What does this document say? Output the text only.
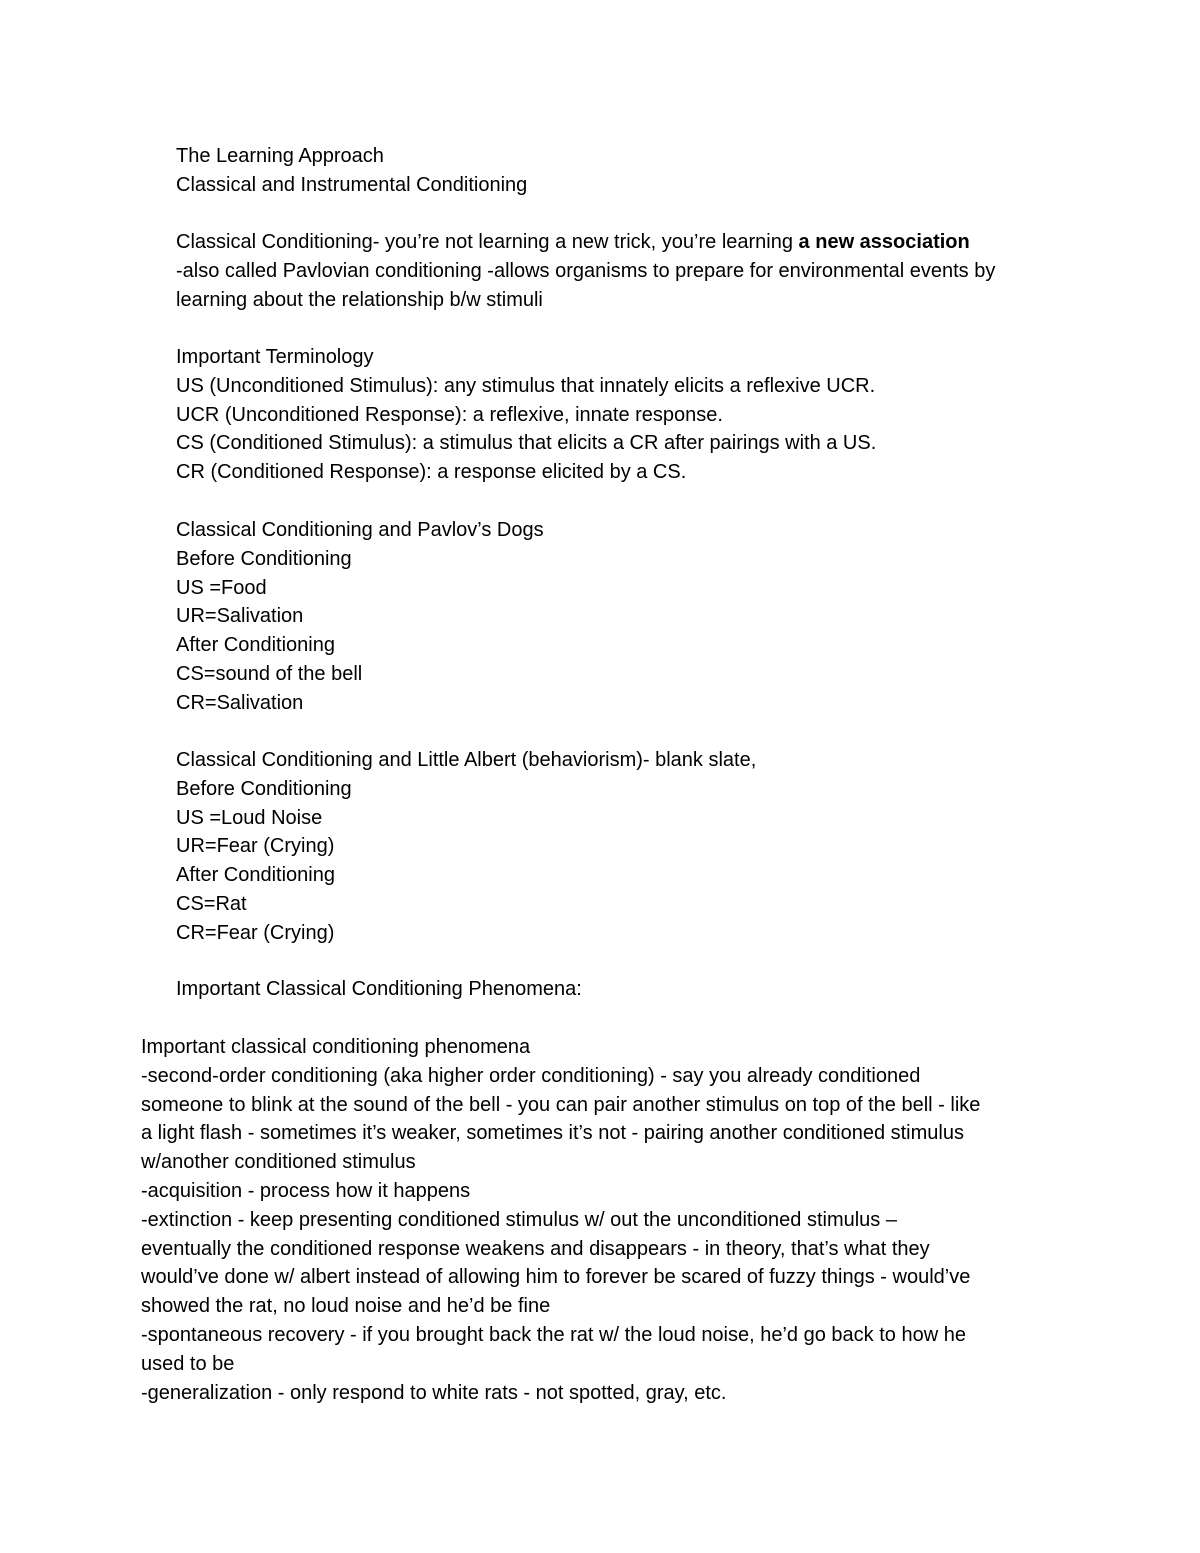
The Learning Approach
Classical and Instrumental Conditioning
Classical Conditioning- you’re not learning a new trick, you’re learning a new association
-also called Pavlovian conditioning -allows organisms to prepare for environmental events by
learning about the relationship b/w stimuli
Important Terminology
US (Unconditioned Stimulus): any stimulus that innately elicits a reflexive UCR.
UCR (Unconditioned Response): a reflexive, innate response.
CS (Conditioned Stimulus): a stimulus that elicits a CR after pairings with a US.
CR (Conditioned Response): a response elicited by a CS.
Classical Conditioning and Pavlov’s Dogs
Before Conditioning
US =Food
UR=Salivation
After Conditioning
CS=sound of the bell
CR=Salivation
Classical Conditioning and Little Albert (behaviorism)- blank slate,
Before Conditioning
US =Loud Noise
UR=Fear (Crying)
After Conditioning
CS=Rat
CR=Fear (Crying)
Important Classical Conditioning Phenomena:
Important classical conditioning phenomena
-second-order conditioning (aka higher order conditioning) - say you already conditioned
someone to blink at the sound of the bell - you can pair another stimulus on top of the bell - like
a light flash - sometimes it’s weaker, sometimes it’s not - pairing another conditioned stimulus
w/another conditioned stimulus
-acquisition - process how it happens
-extinction - keep presenting conditioned stimulus w/ out the unconditioned stimulus –
eventually the conditioned response weakens and disappears - in theory, that’s what they
would’ve done w/ albert instead of allowing him to forever be scared of fuzzy things - would’ve
showed the rat, no loud noise and he’d be fine
-spontaneous recovery - if you brought back the rat w/ the loud noise, he’d go back to how he
used to be
-generalization - only respond to white rats - not spotted, gray, etc.
